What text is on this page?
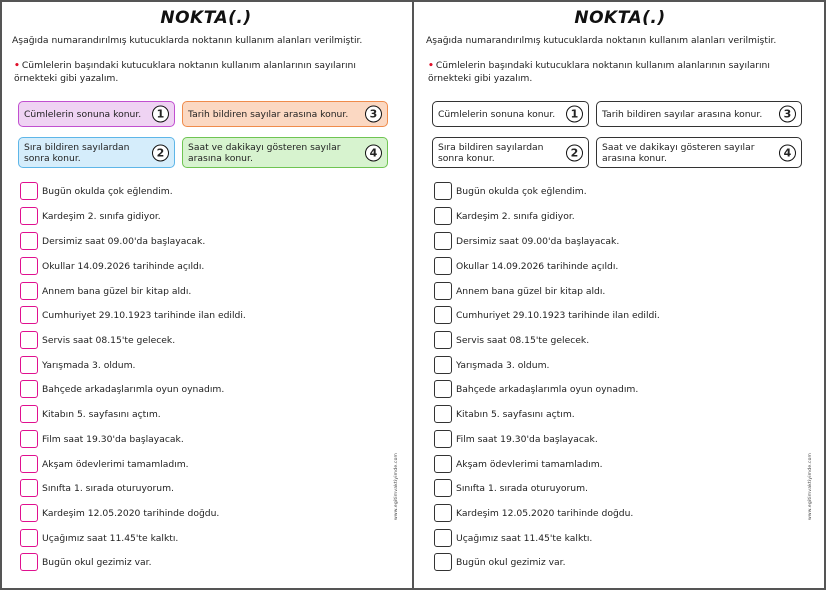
NOKTA(.)
Aşağıda numarandırılmış kutucuklarda noktanın kullanım alanları verilmiştir.
• Cümlelerin başındaki kutucuklara noktanın kullanım alanlarının sayılarını
örnekteki gibi yazalım.
Cümlelerin sonuna konur.	1
Sıra bildiren sayılardan sonra konur.	2
Tarih bildiren sayılar arasına konur.	3
Saat ve dakikayı gösteren sayılar arasına konur.	4
Bugün okulda çok eğlendim.
Kardeşim 2. sınıfa gidiyor.
Dersimiz saat 09.00'da başlayacak.
Okullar 14.09.2026 tarihinde açıldı.
Annem bana güzel bir kitap aldı.
Cumhuriyet 29.10.1923 tarihinde ilan edildi.
Servis saat 08.15'te gelecek.
Yarışmada 3. oldum.
Bahçede arkadaşlarımla oyun oynadım.
Kitabın 5. sayfasını açtım.
Film saat 19.30'da başlayacak.
Akşam ödevlerimi tamamladım.
Sınıfta 1. sırada oturuyorum.
Kardeşim 12.05.2020 tarihinde doğdu.
Uçağımız saat 11.45'te kalktı.
Bugün okul gezimiz var.
www.egitimvaktiyimde.com
NOKTA(.)
Aşağıda numarandırılmış kutucuklarda noktanın kullanım alanları verilmiştir.
• Cümlelerin başındaki kutucuklara noktanın kullanım alanlarının sayılarını
örnekteki gibi yazalım.
Cümlelerin sonuna konur.	1
Sıra bildiren sayılardan sonra konur.	2
Tarih bildiren sayılar arasına konur.	3
Saat ve dakikayı gösteren sayılar arasına konur.	4
Bugün okulda çok eğlendim.
Kardeşim 2. sınıfa gidiyor.
Dersimiz saat 09.00'da başlayacak.
Okullar 14.09.2026 tarihinde açıldı.
Annem bana güzel bir kitap aldı.
Cumhuriyet 29.10.1923 tarihinde ilan edildi.
Servis saat 08.15'te gelecek.
Yarışmada 3. oldum.
Bahçede arkadaşlarımla oyun oynadım.
Kitabın 5. sayfasını açtım.
Film saat 19.30'da başlayacak.
Akşam ödevlerimi tamamladım.
Sınıfta 1. sırada oturuyorum.
Kardeşim 12.05.2020 tarihinde doğdu.
Uçağımız saat 11.45'te kalktı.
Bugün okul gezimiz var.
www.egitimvaktiyimde.com
